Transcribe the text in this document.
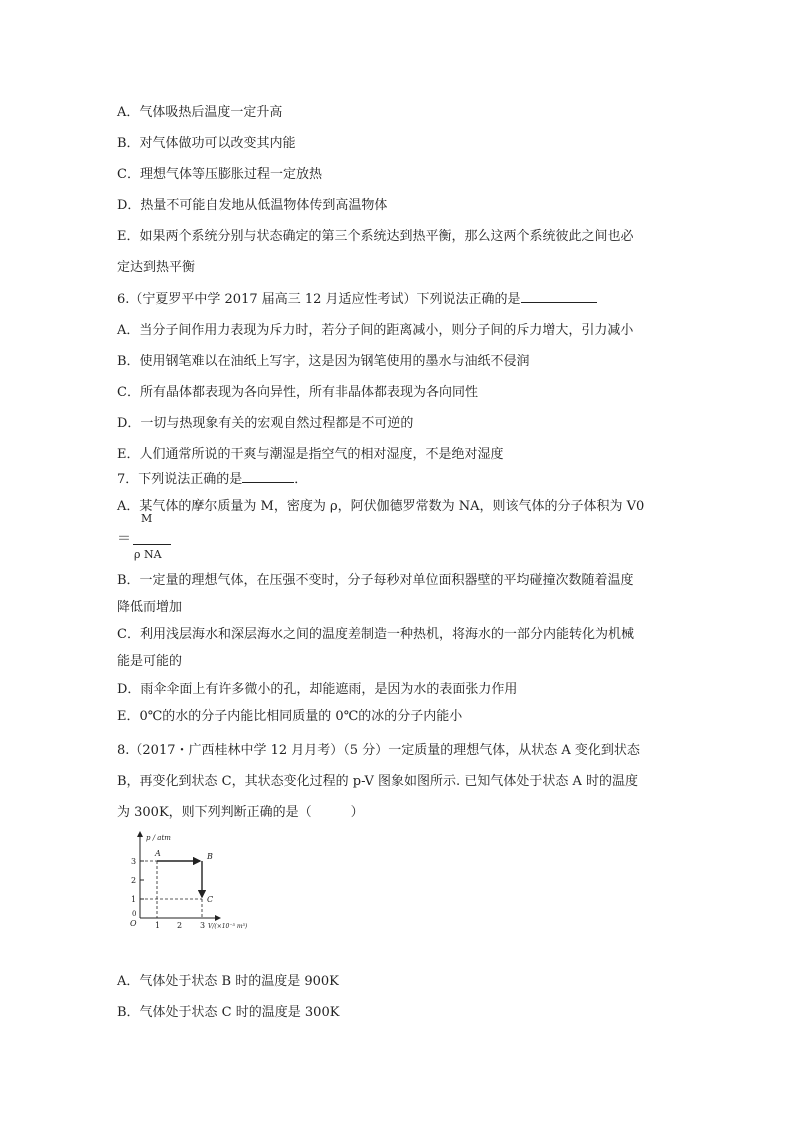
A．气体吸热后温度一定升高
B．对气体做功可以改变其内能
C．理想气体等压膨胀过程一定放热
D．热量不可能自发地从低温物体传到高温物体
E．如果两个系统分别与状态确定的第三个系统达到热平衡，那么这两个系统彼此之间也必
定达到热平衡
6.（宁夏罗平中学 2017 届高三 12 月适应性考试）下列说法正确的是
A．当分子间作用力表现为斥力时，若分子间的距离减小，则分子间的斥力增大，引力减小
B．使用钢笔难以在油纸上写字，这是因为钢笔使用的墨水与油纸不侵润
C．所有晶体都表现为各向异性，所有非晶体都表现为各向同性
D．一切与热现象有关的宏观自然过程都是不可逆的
E．人们通常所说的干爽与潮湿是指空气的相对湿度，不是绝对湿度
7．下列说法正确的是	．
A．某气体的摩尔质量为 M，密度为 ρ，阿伏伽德罗常数为 NA，则该气体的分子体积为 V0
＝
M
ρ NA
B．一定量的理想气体，在压强不变时，分子每秒对单位面积器壁的平均碰撞次数随着温度
降低而增加
C．利用浅层海水和深层海水之间的温度差制造一种热机，将海水的一部分内能转化为机械
能是可能的
D．雨伞伞面上有许多微小的孔，却能遮雨，是因为水的表面张力作用
E．0℃的水的分子内能比相同质量的 0℃的冰的分子内能小
8.（2017・广西桂林中学 12 月月考）（5 分）一定质量的理想气体，从状态 A 变化到状态
B，再变化到状态 C，其状态变化过程的 p-V 图象如图所示. 已知气体处于状态 A 时的温度
为 300K，则下列判断正确的是（　　　）
p / atm
A	B
C
3
2
1
0
O 1 2 3 V/(×10⁻³ m³)
A．气体处于状态 B 时的温度是 900K
B．气体处于状态 C 时的温度是 300K
